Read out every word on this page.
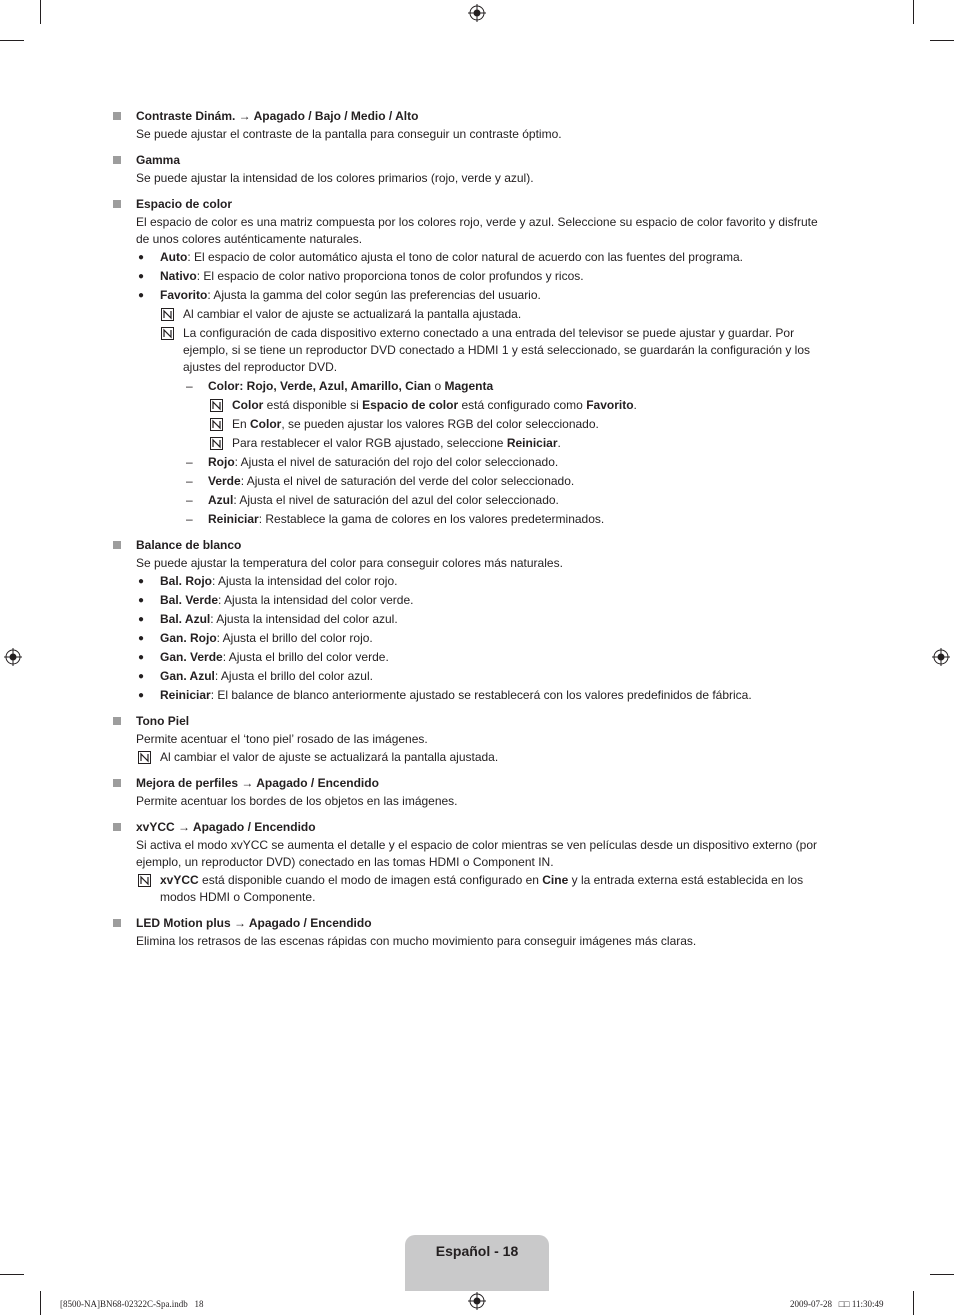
Contraste Dinám. → Apagado / Bajo / Medio / Alto
Se puede ajustar el contraste de la pantalla para conseguir un contraste óptimo.
Gamma
Se puede ajustar la intensidad de los colores primarios (rojo, verde y azul).
Espacio de color
El espacio de color es una matriz compuesta por los colores rojo, verde y azul. Seleccione su espacio de color favorito y disfrute de unos colores auténticamente naturales.
● Auto: El espacio de color automático ajusta el tono de color natural de acuerdo con las fuentes del programa.
● Nativo: El espacio de color nativo proporciona tonos de color profundos y ricos.
● Favorito: Ajusta la gamma del color según las preferencias del usuario.
Al cambiar el valor de ajuste se actualizará la pantalla ajustada.
La configuración de cada dispositivo externo conectado a una entrada del televisor se puede ajustar y guardar. Por ejemplo, si se tiene un reproductor DVD conectado a HDMI 1 y está seleccionado, se guardarán la configuración y los ajustes del reproductor DVD.
– Color: Rojo, Verde, Azul, Amarillo, Cian o Magenta
Color está disponible si Espacio de color está configurado como Favorito.
En Color, se pueden ajustar los valores RGB del color seleccionado.
Para restablecer el valor RGB ajustado, seleccione Reiniciar.
– Rojo: Ajusta el nivel de saturación del rojo del color seleccionado.
– Verde: Ajusta el nivel de saturación del verde del color seleccionado.
– Azul: Ajusta el nivel de saturación del azul del color seleccionado.
– Reiniciar: Restablece la gama de colores en los valores predeterminados.
Balance de blanco
Se puede ajustar la temperatura del color para conseguir colores más naturales.
● Bal. Rojo: Ajusta la intensidad del color rojo.
● Bal. Verde: Ajusta la intensidad del color verde.
● Bal. Azul: Ajusta la intensidad del color azul.
● Gan. Rojo: Ajusta el brillo del color rojo.
● Gan. Verde: Ajusta el brillo del color verde.
● Gan. Azul: Ajusta el brillo del color azul.
● Reiniciar: El balance de blanco anteriormente ajustado se restablecerá con los valores predefinidos de fábrica.
Tono Piel
Permite acentuar el ‘tono piel’ rosado de las imágenes.
Al cambiar el valor de ajuste se actualizará la pantalla ajustada.
Mejora de perfiles → Apagado / Encendido
Permite acentuar los bordes de los objetos en las imágenes.
xvYCC → Apagado / Encendido
Si activa el modo xvYCC se aumenta el detalle y el espacio de color mientras se ven películas desde un dispositivo externo (por ejemplo, un reproductor DVD) conectado en las tomas HDMI o Component IN.
xvYCC está disponible cuando el modo de imagen está configurado en Cine y la entrada externa está establecida en los modos HDMI o Componente.
LED Motion plus → Apagado / Encendido
Elimina los retrasos de las escenas rápidas con mucho movimiento para conseguir imágenes más claras.
Español - 18
[8500-NA]BN68-02322C-Spa.indb   18	2009-07-28   □□ 11:30:49
